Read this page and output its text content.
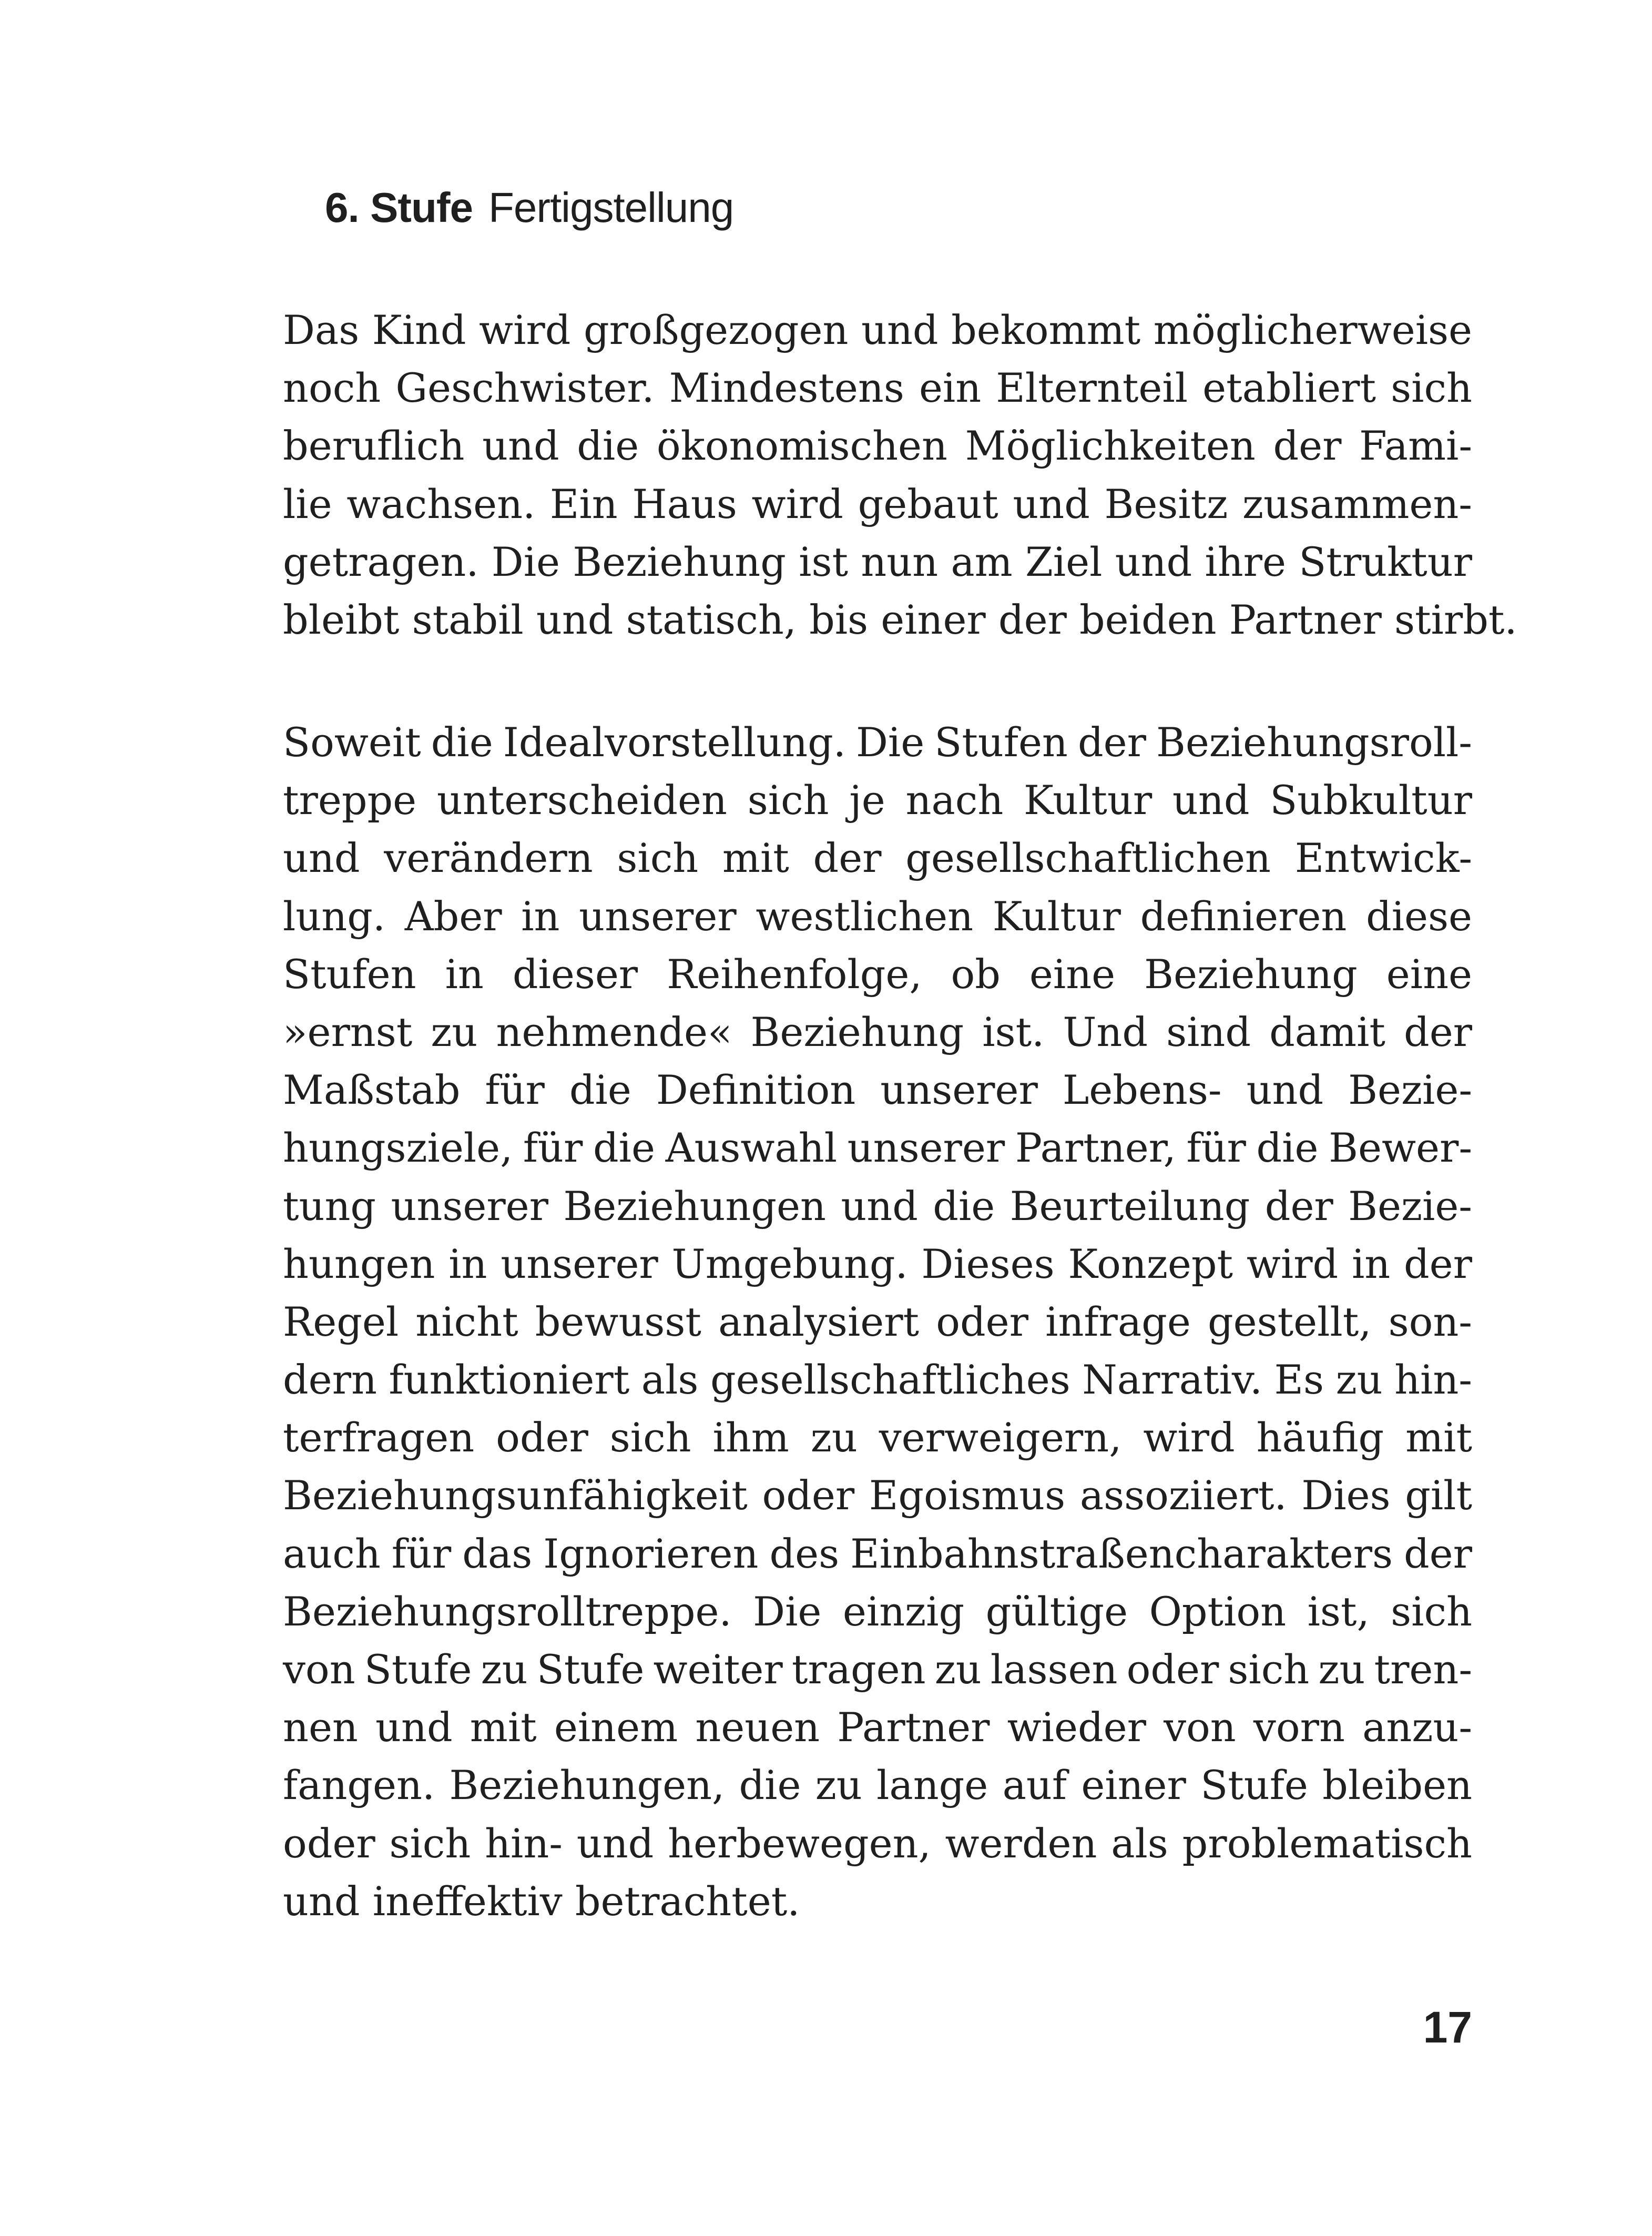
6. Stufe Fertigstellung
Das Kind wird großgezogen und bekommt möglicherweise
noch Geschwister. Mindestens ein Elternteil etabliert sich
beruflich und die ökonomischen Möglichkeiten der Fami-
lie wachsen. Ein Haus wird gebaut und Besitz zusammen-
getragen. Die Beziehung ist nun am Ziel und ihre Struktur
bleibt stabil und statisch, bis einer der beiden Partner stirbt.
Soweit die Idealvorstellung. Die Stufen der Beziehungsroll-
treppe unterscheiden sich je nach Kultur und Subkultur
und verändern sich mit der gesellschaftlichen Entwick-
lung. Aber in unserer westlichen Kultur definieren diese
Stufen in dieser Reihenfolge, ob eine Beziehung eine
»ernst zu nehmende« Beziehung ist. Und sind damit der
Maßstab für die Definition unserer Lebens- und Bezie-
hungsziele, für die Auswahl unserer Partner, für die Bewer-
tung unserer Beziehungen und die Beurteilung der Bezie-
hungen in unserer Umgebung. Dieses Konzept wird in der
Regel nicht bewusst analysiert oder infrage gestellt, son-
dern funktioniert als gesellschaftliches Narrativ. Es zu hin-
terfragen oder sich ihm zu verweigern, wird häufig mit
Beziehungsunfähigkeit oder Egoismus assoziiert. Dies gilt
auch für das Ignorieren des Einbahnstraßencharakters der
Beziehungsrolltreppe. Die einzig gültige Option ist, sich
von Stufe zu Stufe weiter tragen zu lassen oder sich zu tren-
nen und mit einem neuen Partner wieder von vorn anzu-
fangen. Beziehungen, die zu lange auf einer Stufe bleiben
oder sich hin- und herbewegen, werden als problematisch
und ineffektiv betrachtet.
17
